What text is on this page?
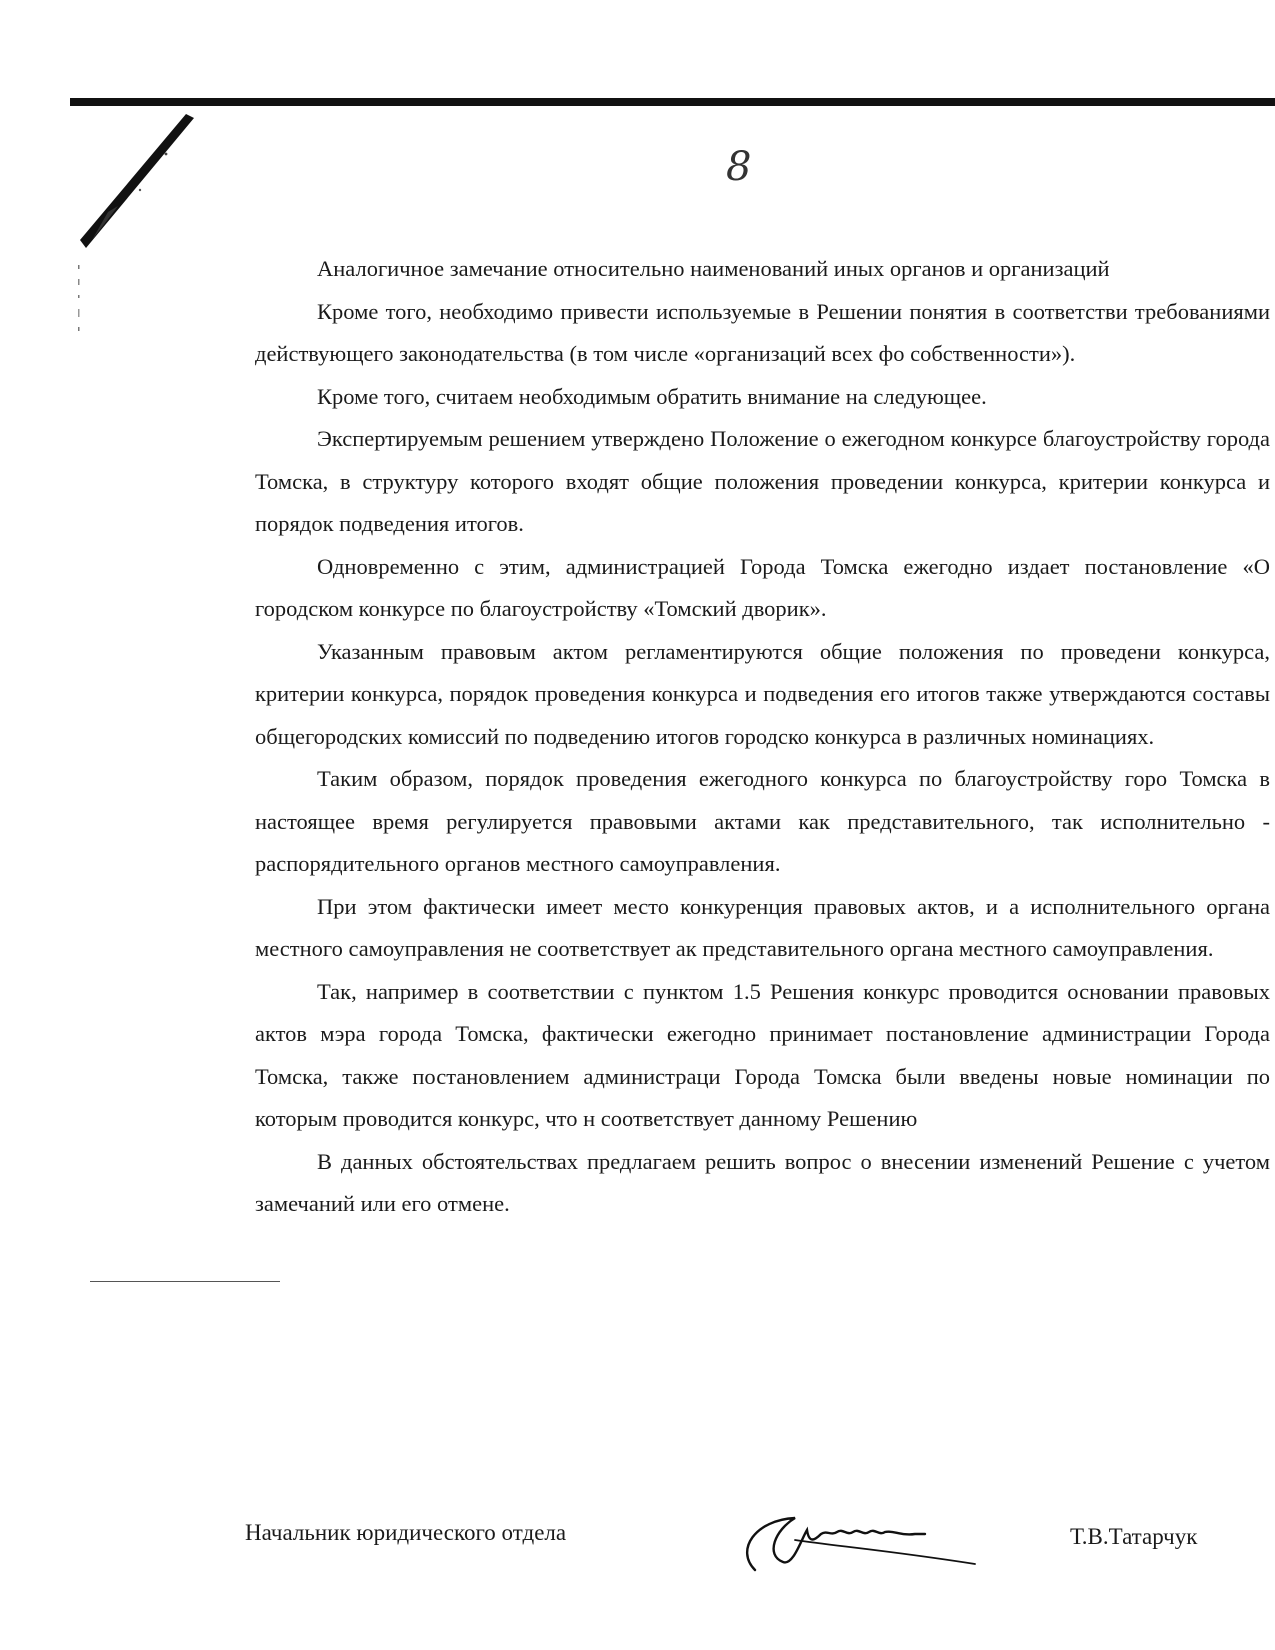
8

Аналогичное замечание относительно наименований иных органов и организаций

Кроме того, необходимо привести используемые в Решении понятия в соответстви требованиями действующего законодательства (в том числе «организаций всех фо собственности»).

Кроме того, считаем необходимым обратить внимание на следующее.

Экспертируемым решением утверждено Положение о ежегодном конкурсе благоустройству города Томска, в структуру которого входят общие положения проведении конкурса, критерии конкурса и порядок подведения итогов.

Одновременно с этим, администрацией Города Томска ежегодно издает постановление «О городском конкурсе по благоустройству «Томский дворик».

Указанным правовым актом регламентируются общие положения по проведени конкурса, критерии конкурса, порядок проведения конкурса и подведения его итогов также утверждаются составы общегородских комиссий по подведению итогов городско конкурса в различных номинациях.

Таким образом, порядок проведения ежегодного конкурса по благоустройству горо Томска в настоящее время регулируется правовыми актами как представительного, так исполнительно - распорядительного органов местного самоуправления.

При этом фактически имеет место конкуренция правовых актов, и а исполнительного органа местного самоуправления не соответствует ак представительного органа местного самоуправления.

Так, например в соответствии с пунктом 1.5 Решения конкурс проводится основании правовых актов мэра города Томска, фактически ежегодно принимает постановление администрации Города Томска, также постановлением администраци Города Томска были введены новые номинации по которым проводится конкурс, что н соответствует данному Решению

В данных обстоятельствах предлагаем решить вопрос о внесении изменений Решение с учетом замечаний или его отмене.

Начальник юридического отдела	Т.В.Татарчук
